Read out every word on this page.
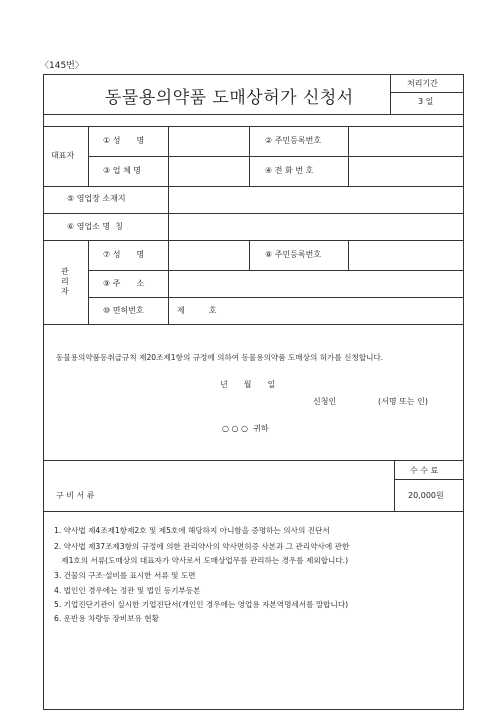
〈145번〉
동물용의약품 도매상허가 신청서
처리기간
3 일
대표자
① 성　　명	② 주민등록번호
③ 업 체 명	④ 전 화 번 호
⑤ 영업장 소재지
⑥ 영업소 명  칭
관
리
자
⑦ 성　　명	⑧ 주민등록번호
⑨ 주　　소
⑩ 면허번호	제　　　호
동물용의약품등취급규칙 제20조제1항의 규정에 의하여 동물용의약품 도매상의 허가를 신청합니다.
년　　월　　일
신청인	(서명 또는 인)
○ ○ ○  귀하
구 비 서 류
수 수 료
20,000원
1. 약사법 제4조제1항제2호 및 제5호에 해당하지 아니함을 증명하는 의사의 진단서
2. 약사법 제37조제3항의 규정에 의한 관리약사의 약사면허증 사본과 그 관리약사에 관한
제1호의 서류(도매상의 대표자가 약사로서 도매상업무를 관리하는 경우를 제외합니다.)
3. 건물의 구조·설비를 표시한 서류 및 도면
4. 법인인 경우에는 정관 및 법인 등기부등본
5. 기업진단기관이 실시한 기업진단서(개인인 경우에는 영업용 자본역명세서를 말합니다)
6. 운반용 차량등 장비보유 현황
